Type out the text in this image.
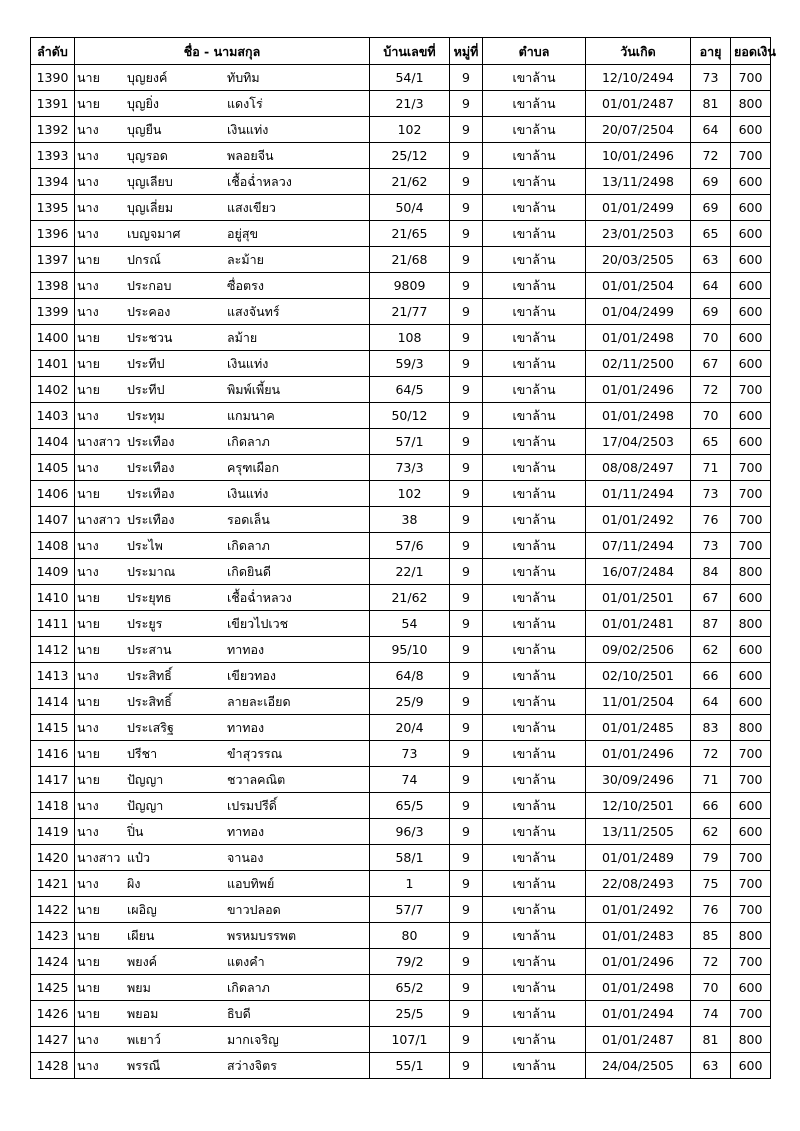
ลำดับ	ชื่อ - นามสกุล	บ้านเลขที่	หมู่ที่	ตำบล	วันเกิด	อายุ	ยอดเงิน
1390	นาย บุญยงค์ ทับทิม	54/1	9	เขาล้าน	12/10/2494	73	700
1391	นาย บุญยิ่ง แดงโร่	21/3	9	เขาล้าน	01/01/2487	81	800
1392	นาง บุญยืน เงินแท่ง	102	9	เขาล้าน	20/07/2504	64	600
1393	นาง บุญรอด พลอยจีน	25/12	9	เขาล้าน	10/01/2496	72	700
1394	นาง บุญเลียบ เชื้อฉ่ำหลวง	21/62	9	เขาล้าน	13/11/2498	69	600
1395	นาง บุญเลี่ยม แสงเขียว	50/4	9	เขาล้าน	01/01/2499	69	600
1396	นาง เบญจมาศ อยู่สุข	21/65	9	เขาล้าน	23/01/2503	65	600
1397	นาย ปกรณ์ ละม้าย	21/68	9	เขาล้าน	20/03/2505	63	600
1398	นาง ประกอบ ซื่อตรง	9809	9	เขาล้าน	01/01/2504	64	600
1399	นาง ประคอง แสงจันทร์	21/77	9	เขาล้าน	01/04/2499	69	600
1400	นาย ประชวน ลม้าย	108	9	เขาล้าน	01/01/2498	70	600
1401	นาย ประทีป เงินแท่ง	59/3	9	เขาล้าน	02/11/2500	67	600
1402	นาย ประทีป พิมพ์เพี้ยน	64/5	9	เขาล้าน	01/01/2496	72	700
1403	นาง ประทุม แกมนาค	50/12	9	เขาล้าน	01/01/2498	70	600
1404	นางสาว ประเทือง เกิดลาภ	57/1	9	เขาล้าน	17/04/2503	65	600
1405	นาง ประเทือง ครุฑเผือก	73/3	9	เขาล้าน	08/08/2497	71	700
1406	นาย ประเทือง เงินแท่ง	102	9	เขาล้าน	01/11/2494	73	700
1407	นางสาว ประเทือง รอดเล็น	38	9	เขาล้าน	01/01/2492	76	700
1408	นาง ประไพ เกิดลาภ	57/6	9	เขาล้าน	07/11/2494	73	700
1409	นาง ประมาณ เกิดยินดี	22/1	9	เขาล้าน	16/07/2484	84	800
1410	นาย ประยุทธ เชื้อฉ่ำหลวง	21/62	9	เขาล้าน	01/01/2501	67	600
1411	นาย ประยูร เขียวไปเวช	54	9	เขาล้าน	01/01/2481	87	800
1412	นาย ประสาน ทาทอง	95/10	9	เขาล้าน	09/02/2506	62	600
1413	นาง ประสิทธิ์ เขียวทอง	64/8	9	เขาล้าน	02/10/2501	66	600
1414	นาย ประสิทธิ์ ลายละเอียด	25/9	9	เขาล้าน	11/01/2504	64	600
1415	นาง ประเสริฐ ทาทอง	20/4	9	เขาล้าน	01/01/2485	83	800
1416	นาย ปรีชา ขำสุวรรณ	73	9	เขาล้าน	01/01/2496	72	700
1417	นาย ปัญญา ชวาลคณิต	74	9	เขาล้าน	30/09/2496	71	700
1418	นาง ปัญญา เปรมปรีดิ์	65/5	9	เขาล้าน	12/10/2501	66	600
1419	นาง ปิ่น ทาทอง	96/3	9	เขาล้าน	13/11/2505	62	600
1420	นางสาว แป๋ว จานอง	58/1	9	เขาล้าน	01/01/2489	79	700
1421	นาง ผิง แอบทิพย์	1	9	เขาล้าน	22/08/2493	75	700
1422	นาย เผอิญ ขาวปลอด	57/7	9	เขาล้าน	01/01/2492	76	700
1423	นาย เผียน พรหมบรรพต	80	9	เขาล้าน	01/01/2483	85	800
1424	นาย พยงค์ แตงคำ	79/2	9	เขาล้าน	01/01/2496	72	700
1425	นาย พยม เกิดลาภ	65/2	9	เขาล้าน	01/01/2498	70	600
1426	นาย พยอม ธิบดี	25/5	9	เขาล้าน	01/01/2494	74	700
1427	นาง พเยาว์ มากเจริญ	107/1	9	เขาล้าน	01/01/2487	81	800
1428	นาง พรรณี สว่างจิตร	55/1	9	เขาล้าน	24/04/2505	63	600
